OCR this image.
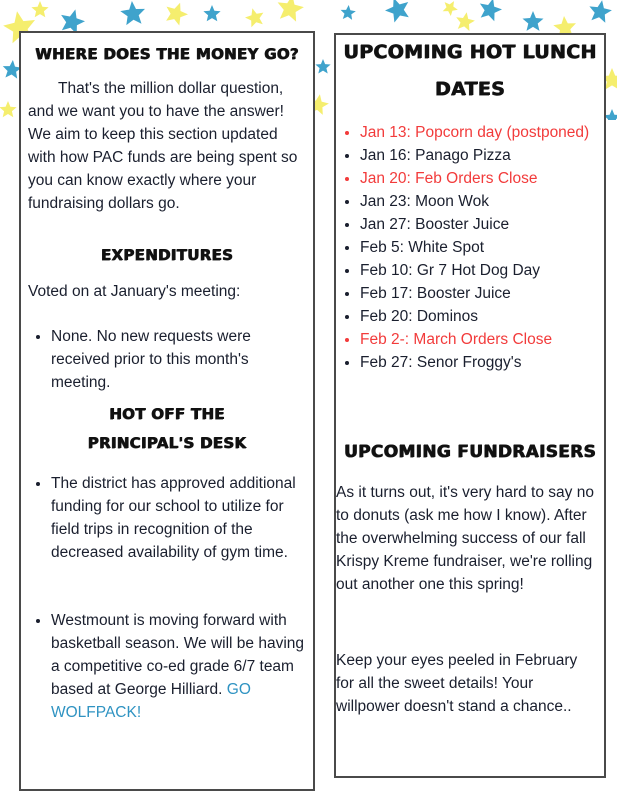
WHERE DOES THE MONEY GO?

That's the million dollar question, and we want you to have the answer! We aim to keep this section updated with how PAC funds are being spent so you can know exactly where your fundraising dollars go.

EXPENDITURES

Voted on at January's meeting:

• None. No new requests were received prior to this month's meeting.
HOT OFF THE
PRINCIPAL'S DESK
• The district has approved additional funding for our school to utilize for field trips in recognition of the decreased availability of gym time.
• Westmount is moving forward with basketball season. We will be having a competitive co-ed grade 6/7 team based at George Hilliard. GO WOLFPACK!
UPCOMING HOT LUNCH
DATES
• Jan 13: Popcorn day (postponed)
• Jan 16: Panago Pizza
• Jan 20: Feb Orders Close
• Jan 23: Moon Wok
• Jan 27: Booster Juice
• Feb 5: White Spot
• Feb 10: Gr 7 Hot Dog Day
• Feb 17: Booster Juice
• Feb 20: Dominos
• Feb 2-: March Orders Close
• Feb 27: Senor Froggy's
UPCOMING FUNDRAISERS

As it turns out, it's very hard to say no to donuts (ask me how I know). After the overwhelming success of our fall Krispy Kreme fundraiser, we're rolling out another one this spring!

Keep your eyes peeled in February for all the sweet details! Your willpower doesn't stand a chance..
